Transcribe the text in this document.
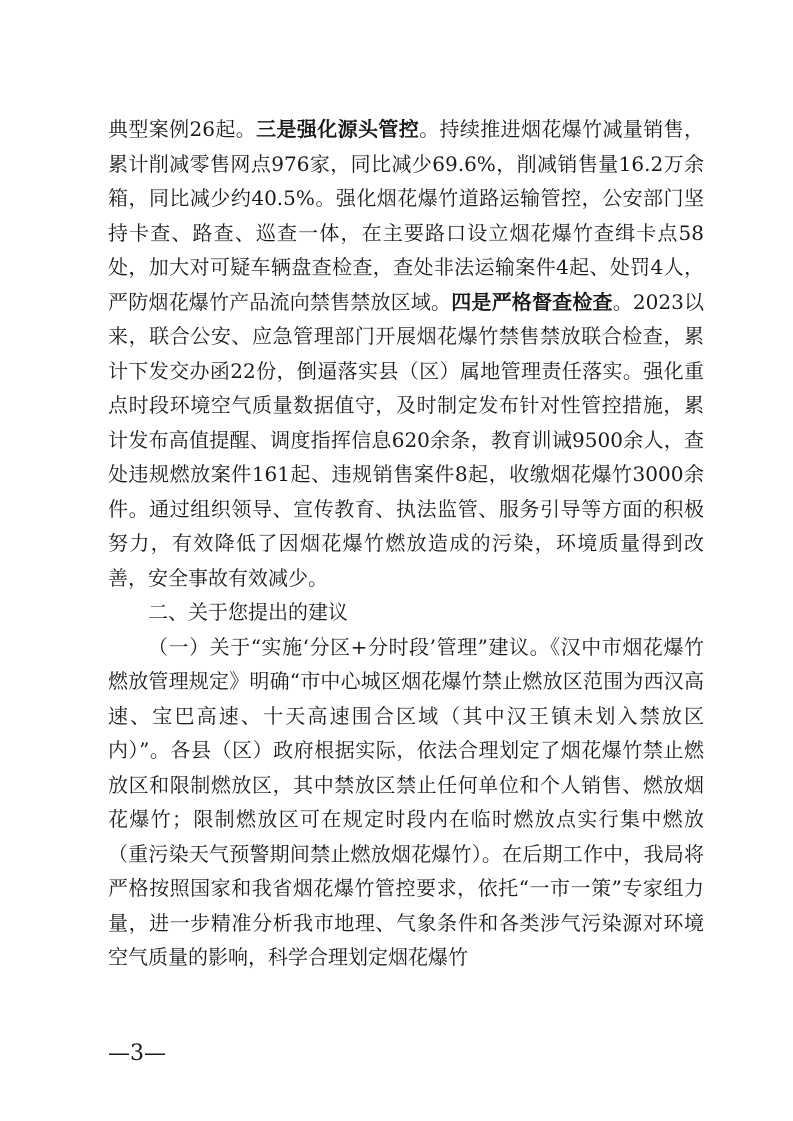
典型案例26起。三是强化源头管控。持续推进烟花爆竹减量销售，累计削减零售网点976家，同比减少69.6%，削减销售量16.2万余箱，同比减少约40.5%。强化烟花爆竹道路运输管控，公安部门坚持卡查、路查、巡查一体，在主要路口设立烟花爆竹查缉卡点58处，加大对可疑车辆盘查检查，查处非法运输案件4起、处罚4人，严防烟花爆竹产品流向禁售禁放区域。四是严格督查检查。2023以来，联合公安、应急管理部门开展烟花爆竹禁售禁放联合检查，累计下发交办函22份，倒逼落实县（区）属地管理责任落实。强化重点时段环境空气质量数据值守，及时制定发布针对性管控措施，累计发布高值提醒、调度指挥信息620余条，教育训诫9500余人，查处违规燃放案件161起、违规销售案件8起，收缴烟花爆竹3000余件。通过组织领导、宣传教育、执法监管、服务引导等方面的积极努力，有效降低了因烟花爆竹燃放造成的污染，环境质量得到改善，安全事故有效减少。

二、关于您提出的建议

（一）关于“实施‘分区+分时段’管理”建议。《汉中市烟花爆竹燃放管理规定》明确“市中心城区烟花爆竹禁止燃放区范围为西汉高速、宝巴高速、十天高速围合区域（其中汉王镇未划入禁放区内）”。各县（区）政府根据实际，依法合理划定了烟花爆竹禁止燃放区和限制燃放区，其中禁放区禁止任何单位和个人销售、燃放烟花爆竹；限制燃放区可在规定时段内在临时燃放点实行集中燃放（重污染天气预警期间禁止燃放烟花爆竹）。在后期工作中，我局将严格按照国家和我省烟花爆竹管控要求，依托“一市一策”专家组力量，进一步精准分析我市地理、气象条件和各类涉气污染源对环境空气质量的影响，科学合理划定烟花爆竹

—3—
